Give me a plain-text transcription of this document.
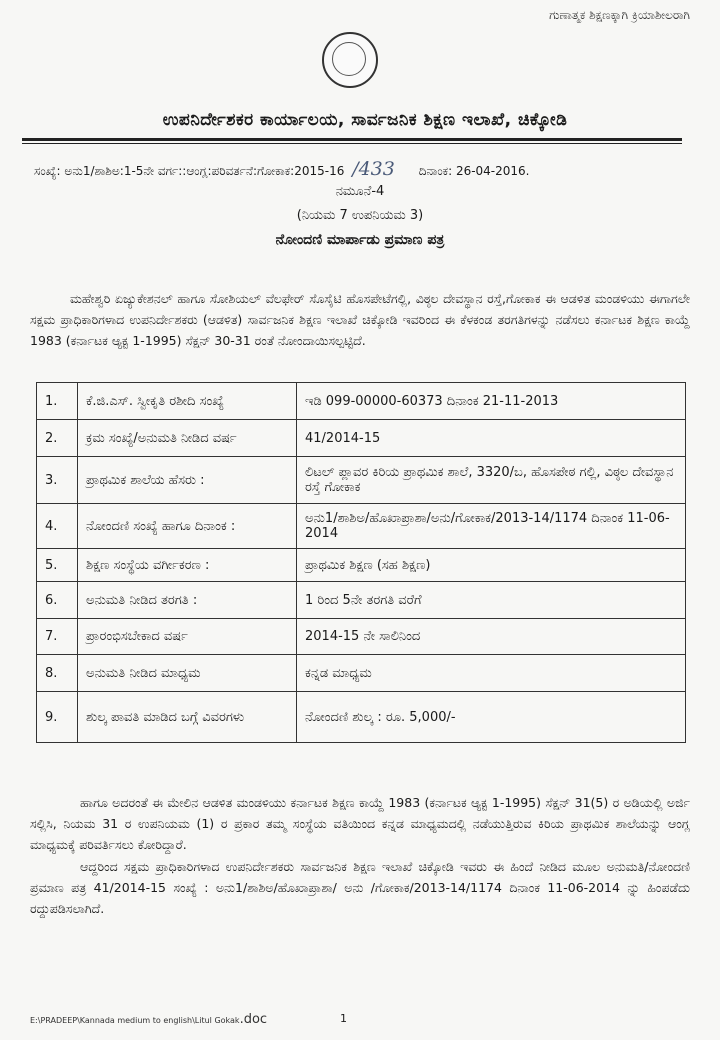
ಗುಣಾತ್ಮಕ ಶಿಕ್ಷಣಕ್ಕಾಗಿ ಕ್ರಿಯಾಶೀಲರಾಗಿ
ಉಪನಿರ್ದೇಶಕರ ಕಾರ್ಯಾಲಯ, ಸಾರ್ವಜನಿಕ ಶಿಕ್ಷಣ ಇಲಾಖೆ, ಚಿಕ್ಕೋಡಿ
ಸಂಖ್ಯೆ: ಅನು1/ಶಾಶಿಅ:1-5ನೇ ವರ್ಗ::ಆಂಗ್ಲ:ಪರಿವರ್ತನೆ:ಗೋಕಾಕ:2015-16 /433 ದಿನಾಂಕ: 26-04-2016.
ನಮೂನೆ-4
(ನಿಯಮ 7 ಉಪನಿಯಮ 3)
ನೋಂದಣಿ ಮಾರ್ಪಾಡು ಪ್ರಮಾಣ ಪತ್ರ
ಮಹೇಶ್ವರಿ ಏಜ್ಯುಕೇಶನಲ್ ಹಾಗೂ ಸೋಶಿಯಲ್ ವೆಲಫೇರ್ ಸೊಸೈಟಿ ಹೊಸಪೇಟೆಗಲ್ಲಿ, ವಿಠ್ಠಲ ದೇವಸ್ಥಾನ ರಸ್ತೆ,ಗೋಕಾಕ ಈ ಆಡಳಿತ ಮಂಡಳಿಯು ಈಗಾಗಲೇ ಸಕ್ಷಮ ಪ್ರಾಧಿಕಾರಿಗಳಾದ ಉಪನಿರ್ದೇಶಕರು (ಆಡಳಿತ) ಸಾರ್ವಜನಿಕ ಶಿಕ್ಷಣ ಇಲಾಖೆ ಚಿಕ್ಕೋಡಿ ಇವರಿಂದ ಈ ಕೆಳಕಂಡ ತರಗತಿಗಳನ್ನು ನಡೆಸಲು ಕರ್ನಾಟಕ ಶಿಕ್ಷಣ ಕಾಯ್ದೆ 1983 (ಕರ್ನಾಟಕ ಆ್ಯಕ್ಟ 1-1995) ಸೆಕ್ಷನ್ 30-31 ರಂತೆ ನೋಂದಾಯಿಸಲ್ಪಟ್ಟಿದೆ.
1.	ಕೆ.ಜಿ.ಎಸ್. ಸ್ವೀಕೃತಿ ರಶೀದಿ ಸಂಖ್ಯೆ	ಇಡಿ 099-00000-60373 ದಿನಾಂಕ 21-11-2013
2.	ಕ್ರಮ ಸಂಖ್ಯೆ/ಅನುಮತಿ ನೀಡಿದ ವರ್ಷ	41/2014-15
3.	ಪ್ರಾಥಮಿಕ ಶಾಲೆಯ ಹೆಸರು :	ಲಿಟಲ್ ಪ್ಲಾವರ ಕಿರಿಯ ಪ್ರಾಥಮಿಕ ಶಾಲೆ, 3320/ಬ, ಹೊಸಪೇಠ ಗಲ್ಲಿ, ವಿಠ್ಠಲ ದೇವಸ್ಥಾನ ರಸ್ತೆ ಗೋಕಾಕ
4.	ನೋಂದಣಿ ಸಂಖ್ಯೆ ಹಾಗೂ ದಿನಾಂಕ :	ಅನು1/ಶಾಶಿಅ/ಹೊಖಾಪ್ರಾಶಾ/ಅನು/ಗೋಕಾಕ/2013-14/1174 ದಿನಾಂಕ 11-06-2014
5.	ಶಿಕ್ಷಣ ಸಂಸ್ಥೆಯ ವರ್ಗೀಕರಣ :	ಪ್ರಾಥಮಿಕ ಶಿಕ್ಷಣ (ಸಹ ಶಿಕ್ಷಣ)
6.	ಅನುಮತಿ ನೀಡಿದ ತರಗತಿ :	1 ರಿಂದ 5ನೇ ತರಗತಿ ವರೆಗೆ
7.	ಪ್ರಾರಂಭಿಸಬೇಕಾದ ವರ್ಷ	2014-15 ನೇ ಸಾಲಿನಿಂದ
8.	ಅನುಮತಿ ನೀಡಿದ ಮಾಧ್ಯಮ	ಕನ್ನಡ ಮಾಧ್ಯಮ
9.	ಶುಲ್ಕ ಪಾವತಿ ಮಾಡಿದ ಬಗ್ಗೆ ವಿವರಗಳು	ನೋಂದಣಿ ಶುಲ್ಕ : ರೂ. 5,000/-
ಹಾಗೂ ಅದರಂತೆ ಈ ಮೇಲಿನ ಆಡಳಿತ ಮಂಡಳಿಯು ಕರ್ನಾಟಕ ಶಿಕ್ಷಣ ಕಾಯ್ದೆ 1983 (ಕರ್ನಾಟಕ ಆ್ಯಕ್ಟ 1-1995) ಸೆಕ್ಷನ್ 31(5) ರ ಅಡಿಯಲ್ಲಿ ಅರ್ಜಿ ಸಲ್ಲಿಸಿ, ನಿಯಮ 31 ರ ಉಪನಿಯಮ (1) ರ ಪ್ರಕಾರ ತಮ್ಮ ಸಂಸ್ಥೆಯ ವತಿಯಿಂದ ಕನ್ನಡ ಮಾಧ್ಯಮದಲ್ಲಿ ನಡೆಯುತ್ತಿರುವ ಕಿರಿಯ ಪ್ರಾಥಮಿಕ ಶಾಲೆಯನ್ನು ಆಂಗ್ಲ ಮಾಧ್ಯಮಕ್ಕೆ ಪರಿವರ್ತಿಸಲು ಕೋರಿದ್ದಾರೆ.
ಆದ್ದರಿಂದ ಸಕ್ಷಮ ಪ್ರಾಧಿಕಾರಿಗಳಾದ ಉಪನಿರ್ದೇಶಕರು ಸಾರ್ವಜನಿಕ ಶಿಕ್ಷಣ ಇಲಾಖೆ ಚಿಕ್ಕೋಡಿ ಇವರು ಈ ಹಿಂದೆ ನೀಡಿದ ಮೂಲ ಅನುಮತಿ/ನೋಂದಣಿ ಪ್ರಮಾಣ ಪತ್ರ 41/2014-15 ಸಂಖ್ಯೆ : ಅನು1/ಶಾಶಿಅ/ಹೊಖಾಪ್ರಾಶಾ/ ಅನು /ಗೋಕಾಕ/2013-14/1174 ದಿನಾಂಕ 11-06-2014 ನ್ನು ಹಿಂಪಡೆದು ರದ್ದುಪಡಿಸಲಾಗಿದೆ.
E:\PRADEEP\Kannada medium to english\Litul Gokak.doc	1
